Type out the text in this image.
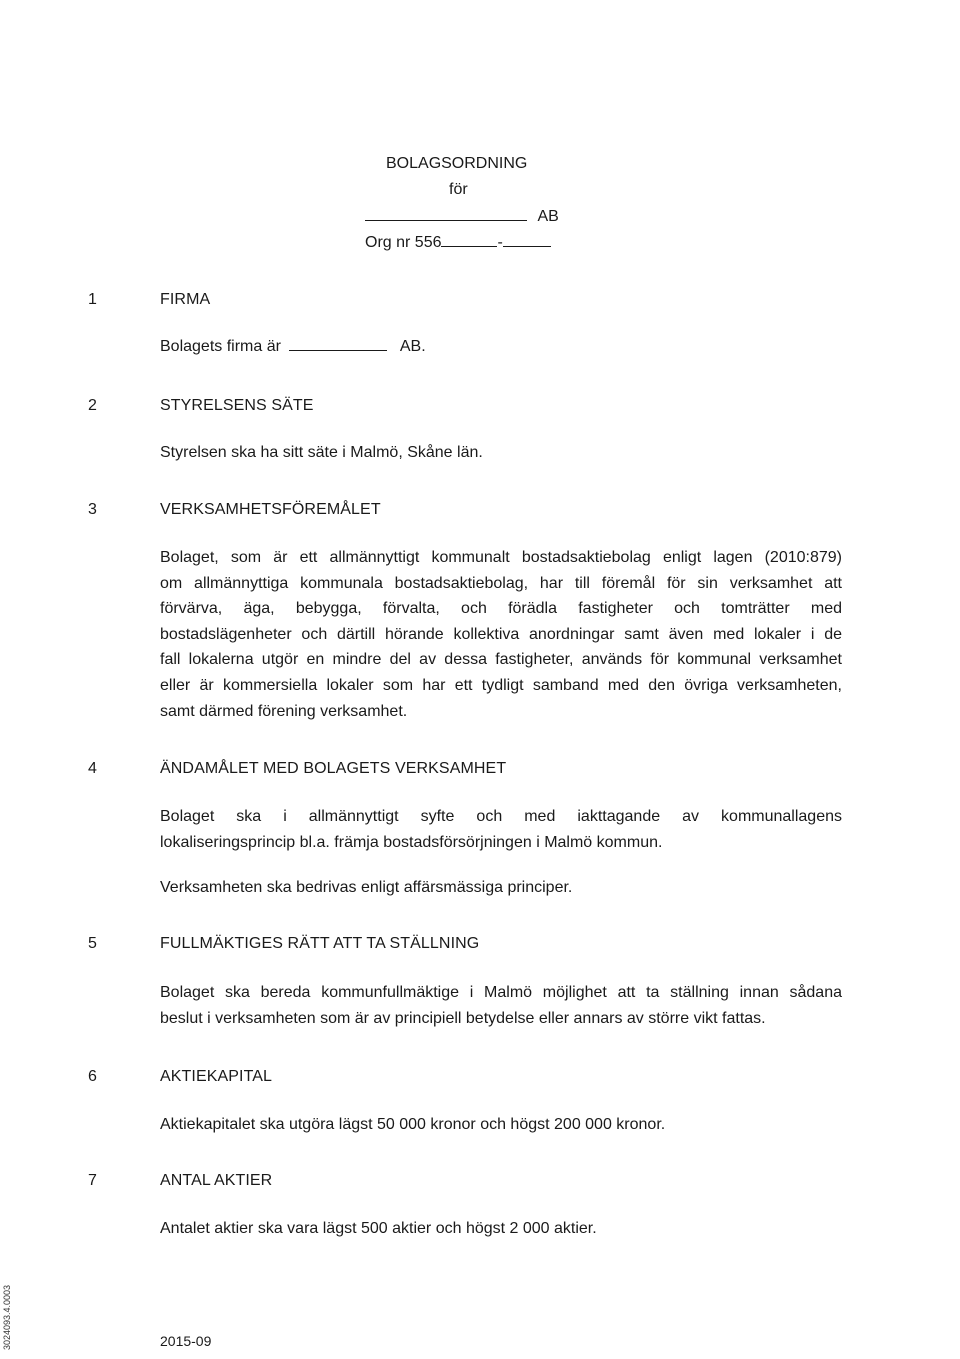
BOLAGSORDNING
för
AB
Org nr 556	-
1	FIRMA
Bolagets firma är	AB.
2	STYRELSENS SÄTE
Styrelsen ska ha sitt säte i Malmö, Skåne län.
3	VERKSAMHETSFÖREMÅLET
Bolaget, som är ett allmännyttigt kommunalt bostadsaktiebolag enligt lagen (2010:879)
om allmännyttiga kommunala bostadsaktiebolag, har till föremål för sin verksamhet att
förvärva, äga, bebygga, förvalta, och förädla fastigheter och tomträtter med
bostadslägenheter och därtill hörande kollektiva anordningar samt även med lokaler i de
fall lokalerna utgör en mindre del av dessa fastigheter, används för kommunal verksamhet
eller är kommersiella lokaler som har ett tydligt samband med den övriga verksamheten,
samt därmed förening verksamhet.
4	ÄNDAMÅLET MED BOLAGETS VERKSAMHET
Bolaget ska i allmännyttigt syfte och med iakttagande av kommunallagens
lokaliseringsprincip bl.a. främja bostadsförsörjningen i Malmö kommun.
Verksamheten ska bedrivas enligt affärsmässiga principer.
5	FULLMÄKTIGES RÄTT ATT TA STÄLLNING
Bolaget ska bereda kommunfullmäktige i Malmö möjlighet att ta ställning innan sådana
beslut i verksamheten som är av principiell betydelse eller annars av större vikt fattas.
6	AKTIEKAPITAL
Aktiekapitalet ska utgöra lägst 50 000 kronor och högst 200 000 kronor.
7	ANTAL AKTIER
Antalet aktier ska vara lägst 500 aktier och högst 2 000 aktier.
3024093.4.0003	2015-09
